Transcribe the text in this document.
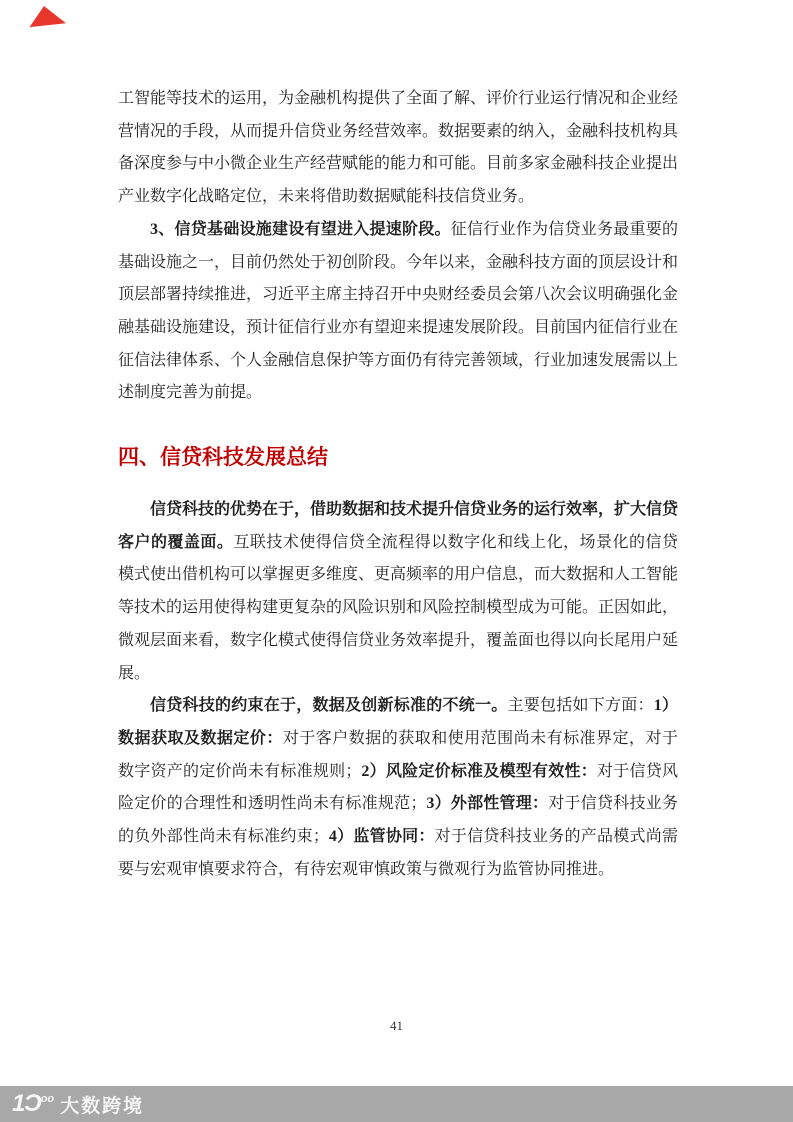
工智能等技术的运用，为金融机构提供了全面了解、评价行业运行情况和企业经营情况的手段，从而提升信贷业务经营效率。数据要素的纳入，金融科技机构具备深度参与中小微企业生产经营赋能的能力和可能。目前多家金融科技企业提出产业数字化战略定位，未来将借助数据赋能科技信贷业务。

3、信贷基础设施建设有望进入提速阶段。征信行业作为信贷业务最重要的基础设施之一，目前仍然处于初创阶段。今年以来，金融科技方面的顶层设计和顶层部署持续推进，习近平主席主持召开中央财经委员会第八次会议明确强化金融基础设施建设，预计征信行业亦有望迎来提速发展阶段。目前国内征信行业在征信法律体系、个人金融信息保护等方面仍有待完善领域，行业加速发展需以上述制度完善为前提。

四、信贷科技发展总结

信贷科技的优势在于，借助数据和技术提升信贷业务的运行效率，扩大信贷客户的覆盖面。互联技术使得信贷全流程得以数字化和线上化，场景化的信贷模式使出借机构可以掌握更多维度、更高频率的用户信息，而大数据和人工智能等技术的运用使得构建更复杂的风险识别和风险控制模型成为可能。正因如此，微观层面来看，数字化模式使得信贷业务效率提升，覆盖面也得以向长尾用户延展。

信贷科技的约束在于，数据及创新标准的不统一。主要包括如下方面：1）数据获取及数据定价：对于客户数据的获取和使用范围尚未有标准界定，对于数字资产的定价尚未有标准规则；2）风险定价标准及模型有效性：对于信贷风险定价的合理性和透明性尚未有标准规范；3）外部性管理：对于信贷科技业务的负外部性尚未有标准约束；4）监管协同：对于信贷科技业务的产品模式尚需要与宏观审慎要求符合，有待宏观审慎政策与微观行为监管协同推进。

41
$1Ɔ^{oo}$ 大数跨境
